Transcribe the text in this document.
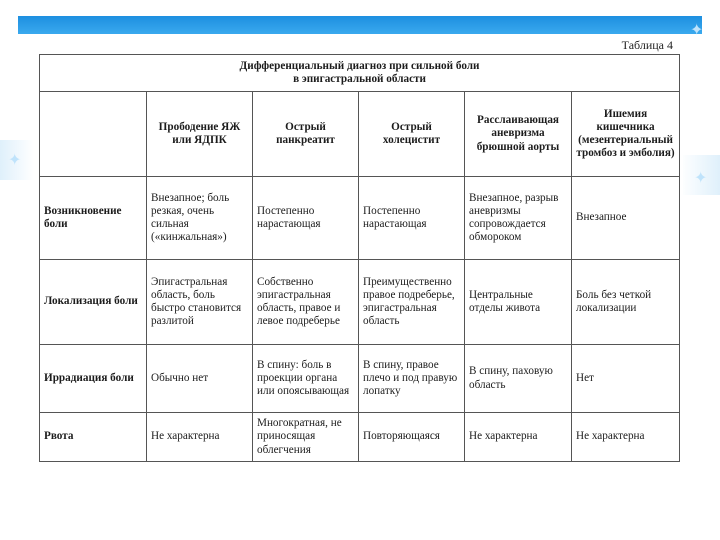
✦
✦
✦
Таблица 4
Дифференциальный диагноз при сильной боли
в эпигастральной области					
	Прободение ЯЖ или ЯДПК	Острый панкреатит	Острый холецистит	Расслаивающая аневризма брюшной аорты	Ишемия кишечника (мезентериальный тромбоз и эмболия)
Возникновение боли	Внезапное; боль резкая, очень сильная («кинжальная»)	Постепенно нарастающая	Постепенно нарастающая	Внезапное, разрыв аневризмы сопровождается обмороком	Внезапное
Локализация боли	Эпигастральная область, боль быстро становится разлитой	Собственно эпигастральная область, правое и левое подреберье	Преимущественно правое подреберье, эпигастральная область	Центральные отделы живота	Боль без четкой локализации
Иррадиация боли	Обычно нет	В спину: боль в проекции органа или опоясывающая	В спину, правое плечо и под правую лопатку	В спину, паховую область	Нет
Рвота	Не характерна	Многократная, не приносящая облегчения	Повторяющаяся	Не характерна	Не характерна
